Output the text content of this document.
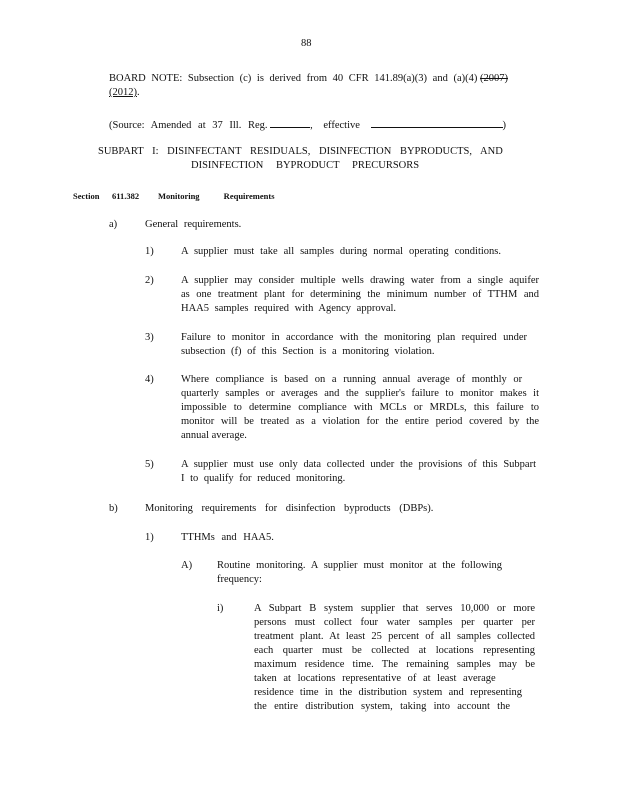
88
BOARD NOTE: Subsection (c) is derived from 40 CFR 141.89(a)(3) and (a)(4) (2007)
(2012).
(Source: Amended at 37 Ill. Reg.	, effective	)
SUBPART I: DISINFECTANT RESIDUALS, DISINFECTION BYPRODUCTS, AND
DISINFECTION BYPRODUCT PRECURSORS
Section 611.382 Monitoring Requirements
a)	General requirements.
1)	A supplier must take all samples during normal operating conditions.
2)	A supplier may consider multiple wells drawing water from a single aquifer
as one treatment plant for determining the minimum number of TTHM and
HAA5 samples required with Agency approval.
3)	Failure to monitor in accordance with the monitoring plan required under
subsection (f) of this Section is a monitoring violation.
4)	Where compliance is based on a running annual average of monthly or
quarterly samples or averages and the supplier's failure to monitor makes it
impossible to determine compliance with MCLs or MRDLs, this failure to
monitor will be treated as a violation for the entire period covered by the
annual average.
5)	A supplier must use only data collected under the provisions of this Subpart
I to qualify for reduced monitoring.
b)	Monitoring requirements for disinfection byproducts (DBPs).
1)	TTHMs and HAA5.
A) Routine monitoring. A supplier must monitor at the following
frequency:
i)	A Subpart B system supplier that serves 10,000 or more
persons must collect four water samples per quarter per
treatment plant. At least 25 percent of all samples collected
each quarter must be collected at locations representing
maximum residence time. The remaining samples may be
taken at locations representative of at least average
residence time in the distribution system and representing
the entire distribution system, taking into account the
